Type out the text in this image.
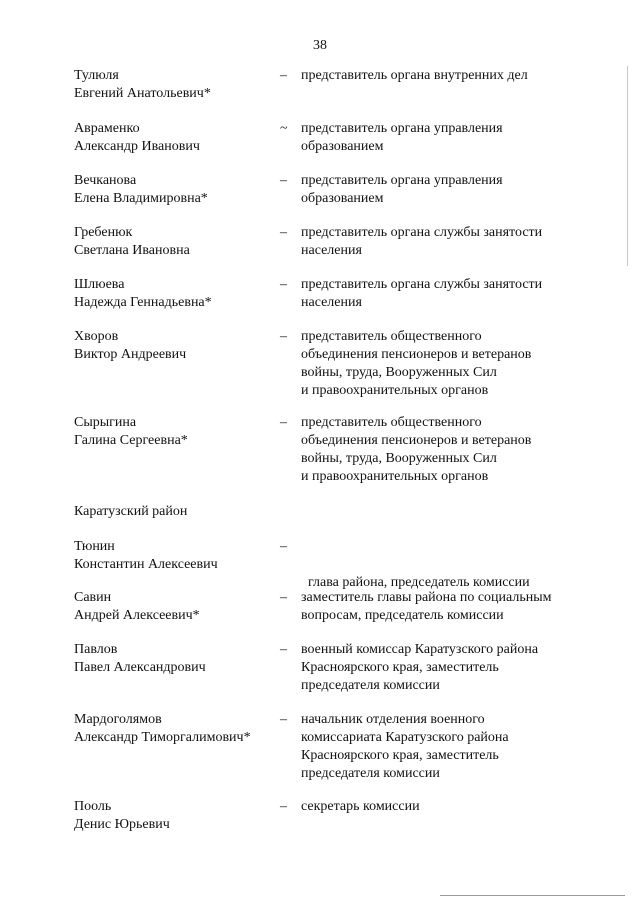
38
Тулюля
Евгений Анатольевич*
– представитель органа внутренних дел
Авраменко
Александр Иванович
~ представитель органа управления
образованием
Вечканова
Елена Владимировна*
– представитель органа управления
образованием
Гребенюк
Светлана Ивановна
– представитель органа службы занятости
населения
Шлюева
Надежда Геннадьевна*
– представитель органа службы занятости
населения
Хворов
Виктор Андреевич
– представитель общественного
объединения пенсионеров и ветеранов
войны, труда, Вооруженных Сил
и правоохранительных органов
Сырыгина
Галина Сергеевна*
– представитель общественного
объединения пенсионеров и ветеранов
войны, труда, Вооруженных Сил
и правоохранительных органов
Каратузский район
Тюнин
Константин Алексеевич
–

глава района, председатель комиссии

Савин
Андрей Алексеевич*
– заместитель главы района по социальным
вопросам, председатель комиссии
Павлов
Павел Александрович
– военный комиссар Каратузского района
Красноярского края, заместитель
председателя комиссии
Мардоголямов
Александр Тиморгалимович*
– начальник отделения военного
комиссариата Каратузского района
Красноярского края, заместитель
председателя комиссии
Пооль
Денис Юрьевич
– секретарь комиссии
